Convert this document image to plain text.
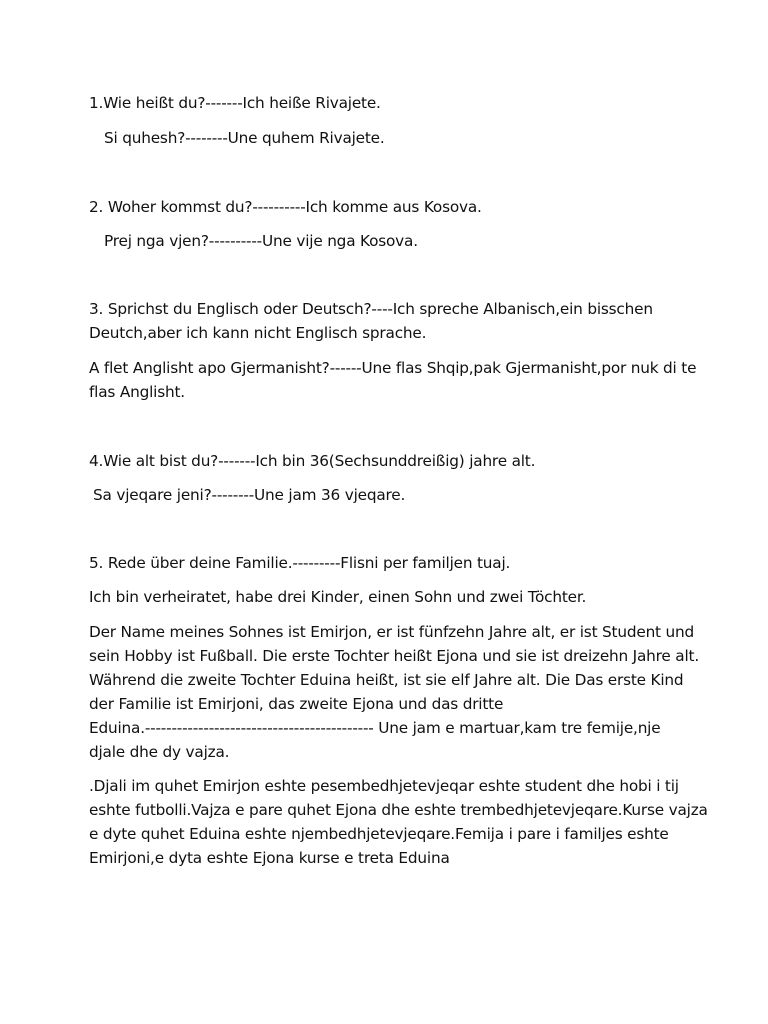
1.Wie heißt du?-------Ich heiße Rivajete.
Si quhesh?--------Une quhem Rivajete.
2. Woher kommst du?----------Ich komme aus Kosova.
Prej nga vjen?----------Une vije nga Kosova.
3. Sprichst du Englisch oder Deutsch?----Ich spreche Albanisch,ein bisschen
Deutch,aber ich kann nicht Englisch sprache.
A flet Anglisht apo Gjermanisht?------Une flas Shqip,pak Gjermanisht,por nuk di te
flas Anglisht.
4.Wie alt bist du?-------Ich bin 36(Sechsunddreißig) jahre alt.
Sa vjeqare jeni?--------Une jam 36 vjeqare.
5. Rede über deine Familie.---------Flisni per familjen tuaj.
Ich bin verheiratet, habe drei Kinder, einen Sohn und zwei Töchter.
Der Name meines Sohnes ist Emirjon, er ist fünfzehn Jahre alt, er ist Student und
sein Hobby ist Fußball. Die erste Tochter heißt Ejona und sie ist dreizehn Jahre alt.
Während die zweite Tochter Eduina heißt, ist sie elf Jahre alt. Die Das erste Kind
der Familie ist Emirjoni, das zweite Ejona und das dritte
Eduina.------------------------------------------- Une jam e martuar,kam tre femije,nje
djale dhe dy vajza.
.Djali im quhet Emirjon eshte pesembedhjetevjeqar eshte student dhe hobi i tij
eshte futbolli.Vajza e pare quhet Ejona dhe eshte trembedhjetevjeqare.Kurse vajza
e dyte quhet Eduina eshte njembedhjetevjeqare.Femija i pare i familjes eshte
Emirjoni,e dyta eshte Ejona kurse e treta Eduina
